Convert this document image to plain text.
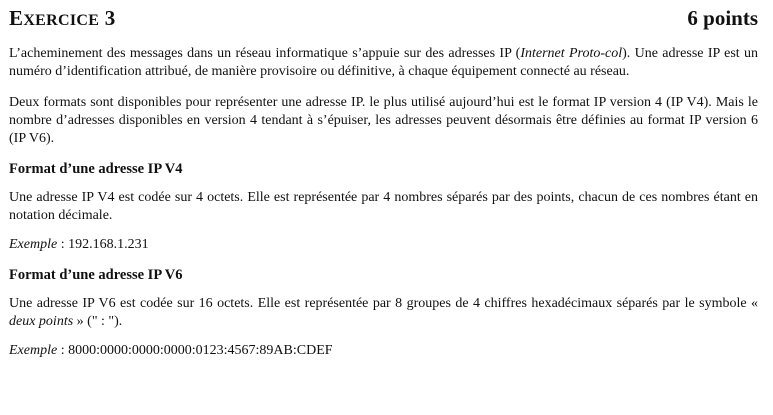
EXERCICE 3	6 points

L’acheminement des messages dans un réseau informatique s’appuie sur des adresses IP (Internet Proto-col). Une adresse IP est un numéro d’identification attribué, de manière provisoire ou définitive, à chaque équipement connecté au réseau.

Deux formats sont disponibles pour représenter une adresse IP. le plus utilisé aujourd’hui est le format IP version 4 (IP V4). Mais le nombre d’adresses disponibles en version 4 tendant à s’épuiser, les adresses peuvent désormais être définies au format IP version 6 (IP V6).

Format d’une adresse IP V4

Une adresse IP V4 est codée sur 4 octets. Elle est représentée par 4 nombres séparés par des points, chacun de ces nombres étant en notation décimale.

Exemple : 192.168.1.231
Format d’une adresse IP V6

Une adresse IP V6 est codée sur 16 octets. Elle est représentée par 8 groupes de 4 chiffres hexadécimaux séparés par le symbole « deux points » (" : ").

Exemple : 8000:0000:0000:0000:0123:4567:89AB:CDEF
